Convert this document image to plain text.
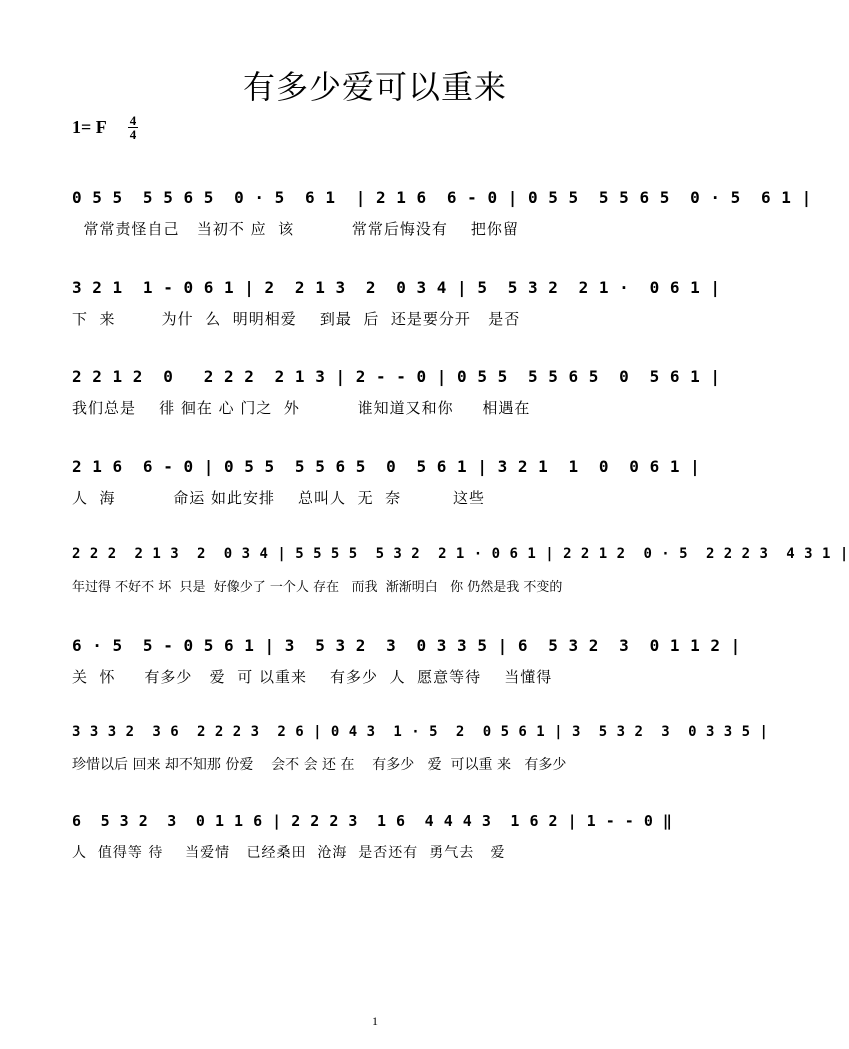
有多少爱可以重来
1= F 4
4
0 5 5  5 5 6 5  0 · 5  6 1  | 2 1 6  6 - 0 | 0 5 5  5 5 6 5  0 · 5  6 1 |
常常责怪自己   当初不 应  该          常常后悔没有    把你留
3 2 1  1 - 0 6 1 | 2  2 1 3  2  0 3 4 | 5  5 3 2  2 1 ·  0 6 1 |
下  来        为什  么  明明相爱    到最  后  还是要分开   是否
2 2 1 2  0   2 2 2  2 1 3 | 2 - - 0 | 0 5 5  5 5 6 5  0  5 6 1 |
我们总是    徘 徊在 心 门之  外          谁知道又和你     相遇在
2 1 6  6 - 0 | 0 5 5  5 5 6 5  0  5 6 1 | 3 2 1  1  0  0 6 1 |
人  海          命运 如此安排    总叫人  无  奈         这些
2 2 2  2 1 3  2  0 3 4 | 5 5 5 5  5 3 2  2 1 · 0 6 1 | 2 2 1 2  0 · 5  2 2 2 3  4 3 1 |
年过得 不好不 坏  只是  好像少了 一个人 存在   而我  渐渐明白   你 仍然是我 不变的
6 · 5  5 - 0 5 6 1 | 3  5 3 2  3  0 3 3 5 | 6  5 3 2  3  0 1 1 2 |
关  怀     有多少   爱  可 以重来    有多少  人  愿意等待    当懂得
3 3 3 2  3 6  2 2 2 3  2 6 | 0 4 3  1 · 5  2  0 5 6 1 | 3  5 3 2  3  0 3 3 5 |
珍惜以后 回来 却不知那 份爱    会不 会 还 在    有多少   爱  可以重 来   有多少
6  5 3 2  3  0 1 1 6 | 2 2 2 3  1 6  4 4 4 3  1 6 2 | 1 - - 0 ‖
人  值得等 待    当爱情   已经桑田  沧海  是否还有  勇气去   爱
1
